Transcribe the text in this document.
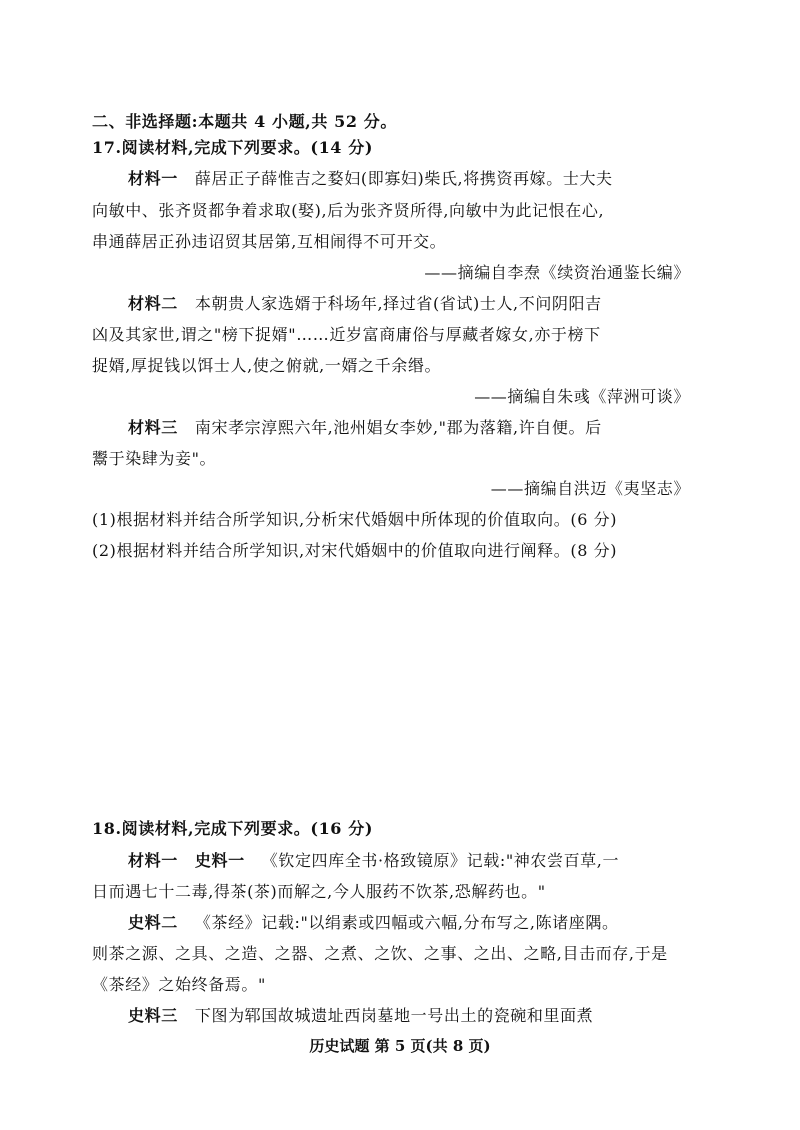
二、非选择题:本题共 4 小题,共 52 分。
17.阅读材料,完成下列要求。(14 分)
材料一 薛居正子薛惟吉之婺妇(即寡妇)柴氏,将携资再嫁。士大夫
向敏中、张齐贤都争着求取(娶),后为张齐贤所得,向敏中为此记恨在心,
串通薛居正孙违诏贸其居第,互相闹得不可开交。
——摘编自李焘《续资治通鉴长编》
材料二 本朝贵人家选婿于科场年,择过省(省试)士人,不问阴阳吉
凶及其家世,谓之"榜下捉婿"……近岁富商庸俗与厚藏者嫁女,亦于榜下
捉婿,厚捉钱以饵士人,使之俯就,一婿之千余缗。
——摘编自朱彧《萍洲可谈》
材料三 南宋孝宗淳熙六年,池州娼女李妙,"郡为落籍,许自便。后
鬻于染肆为妾"。
——摘编自洪迈《夷坚志》
(1)根据材料并结合所学知识,分析宋代婚姻中所体现的价值取向。(6 分)
(2)根据材料并结合所学知识,对宋代婚姻中的价值取向进行阐释。(8 分)
18.阅读材料,完成下列要求。(16 分)
材料一 史料一 《钦定四库全书·格致镜原》记载:"神农尝百草,一
日而遇七十二毒,得茶(茶)而解之,今人服药不饮茶,恐解药也。"
史料二 《茶经》记载:"以绢素或四幅或六幅,分布写之,陈诸座隅。
则茶之源、之具、之造、之器、之煮、之饮、之事、之出、之略,目击而存,于是
《茶经》之始终备焉。"
史料三 下图为郓国故城遗址西岗墓地一号出土的瓷碗和里面煮
历史试题 第 5 页(共 8 页)
